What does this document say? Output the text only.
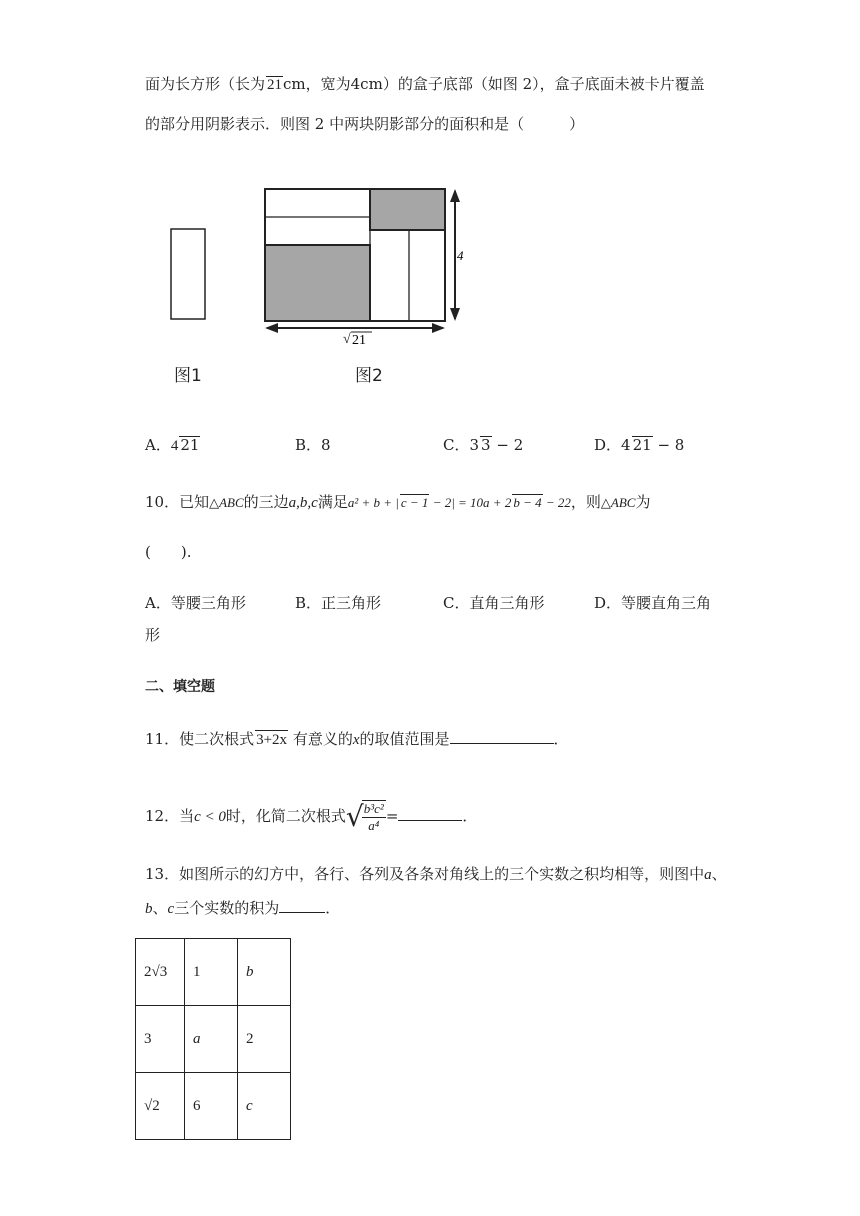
面为长方形（长为 21cm，宽为4cm）的盒子底部（如图 2），盒子底面未被卡片覆盖
的部分用阴影表示．则图 2 中两块阴影部分的面积和是（　　　）
4
√ 21
图1	图2
A．4 21	B．8	C．3 3 − 2	D．4 21 − 8
10．已知△ABC的三边a,b,c满足a² + b + | c − 1 − 2| = 10a + 2 b − 4 − 22，则△ABC为
(　　).
A．等腰三角形	B．正三角形	C．直角三角形	D．等腰直角三角
形
二、填空题
11．使二次根式 3+2x 有意义的x的取值范围是	．
12．当c < 0时，化简二次根式√
$\frac{\text{b³c²}}{\text{a⁴}}$ =	．
13．如图所示的幻方中，各行、各列及各条对角线上的三个实数之积均相等，则图中a、
b、c三个实数的积为	．
2√3	1	b
3	a	2
√2	6	c
